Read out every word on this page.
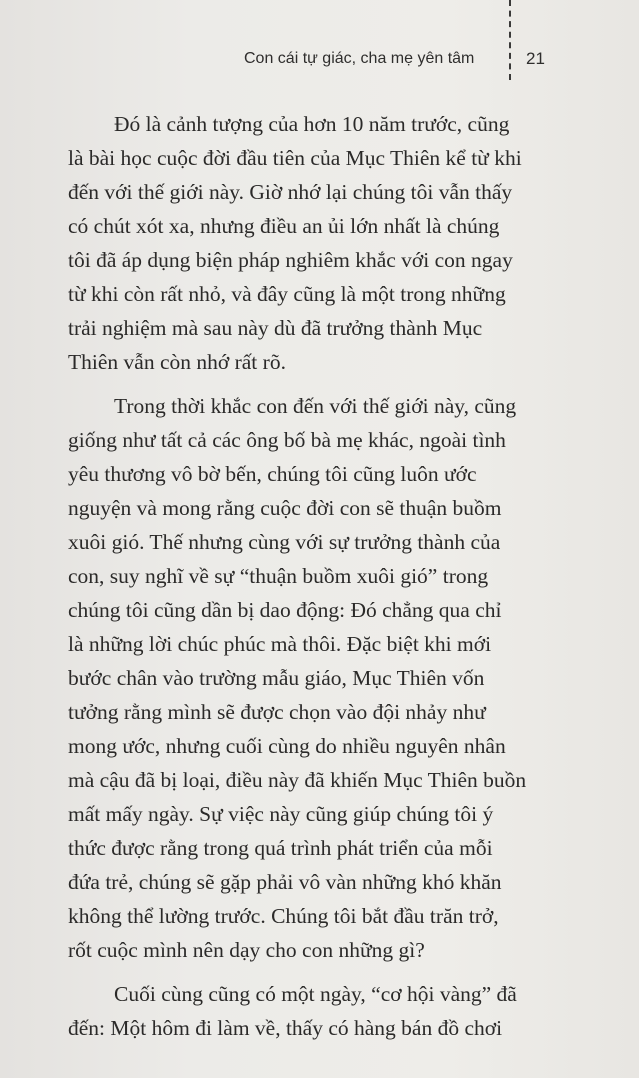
Con cái tự giác, cha mẹ yên tâm	21
Đó là cảnh tượng của hơn 10 năm trước, cũng
là bài học cuộc đời đầu tiên của Mục Thiên kể từ khi
đến với thế giới này. Giờ nhớ lại chúng tôi vẫn thấy
có chút xót xa, nhưng điều an ủi lớn nhất là chúng
tôi đã áp dụng biện pháp nghiêm khắc với con ngay
từ khi còn rất nhỏ, và đây cũng là một trong những
trải nghiệm mà sau này dù đã trưởng thành Mục
Thiên vẫn còn nhớ rất rõ.
Trong thời khắc con đến với thế giới này, cũng
giống như tất cả các ông bố bà mẹ khác, ngoài tình
yêu thương vô bờ bến, chúng tôi cũng luôn ước
nguyện và mong rằng cuộc đời con sẽ thuận buồm
xuôi gió. Thế nhưng cùng với sự trưởng thành của
con, suy nghĩ về sự “thuận buồm xuôi gió” trong
chúng tôi cũng dần bị dao động: Đó chẳng qua chỉ
là những lời chúc phúc mà thôi. Đặc biệt khi mới
bước chân vào trường mẫu giáo, Mục Thiên vốn
tưởng rằng mình sẽ được chọn vào đội nhảy như
mong ước, nhưng cuối cùng do nhiều nguyên nhân
mà cậu đã bị loại, điều này đã khiến Mục Thiên buồn
mất mấy ngày. Sự việc này cũng giúp chúng tôi ý
thức được rằng trong quá trình phát triển của mỗi
đứa trẻ, chúng sẽ gặp phải vô vàn những khó khăn
không thể lường trước. Chúng tôi bắt đầu trăn trở,
rốt cuộc mình nên dạy cho con những gì?
Cuối cùng cũng có một ngày, “cơ hội vàng” đã
đến: Một hôm đi làm về, thấy có hàng bán đồ chơi
